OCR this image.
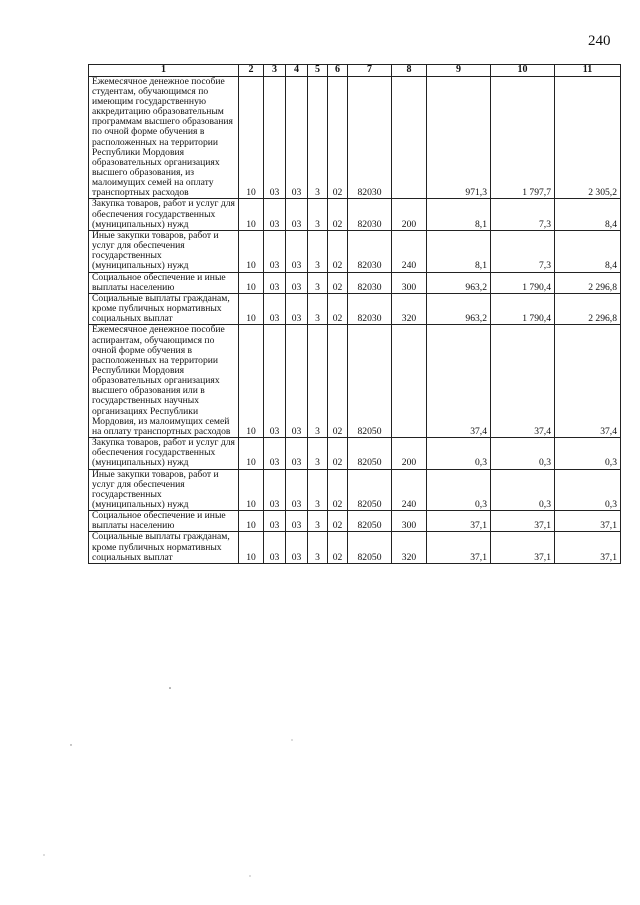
240
1	2	3	4	5	6	7	8	9	10	11
Ежемесячное денежное пособие студентам, обучающимся по имеющим государственную аккредитацию образовательным программам высшего образования по очной форме обучения в расположенных на территории Республики Мордовия образовательных организациях высшего образования, из малоимущих семей на оплату транспортных расходов	10	03	03	3	02	82030		971,3	1 797,7	2 305,2
Закупка товаров, работ и услуг для обеспечения государственных (муниципальных) нужд	10	03	03	3	02	82030	200	8,1	7,3	8,4
Иные закупки товаров, работ и услуг для обеспечения государственных (муниципальных) нужд	10	03	03	3	02	82030	240	8,1	7,3	8,4
Социальное обеспечение и иные выплаты населению	10	03	03	3	02	82030	300	963,2	1 790,4	2 296,8
Социальные выплаты гражданам, кроме публичных нормативных социальных выплат	10	03	03	3	02	82030	320	963,2	1 790,4	2 296,8
Ежемесячное денежное пособие аспирантам, обучающимся по очной форме обучения в расположенных на территории Республики Мордовия образовательных организациях высшего образования или в государственных научных организациях Республики Мордовия, из малоимущих семей на оплату транспортных расходов	10	03	03	3	02	82050		37,4	37,4	37,4
Закупка товаров, работ и услуг для обеспечения государственных (муниципальных) нужд	10	03	03	3	02	82050	200	0,3	0,3	0,3
Иные закупки товаров, работ и услуг для обеспечения государственных (муниципальных) нужд	10	03	03	3	02	82050	240	0,3	0,3	0,3
Социальное обеспечение и иные выплаты населению	10	03	03	3	02	82050	300	37,1	37,1	37,1
Социальные выплаты гражданам, кроме публичных нормативных социальных выплат	10	03	03	3	02	82050	320	37,1	37,1	37,1
